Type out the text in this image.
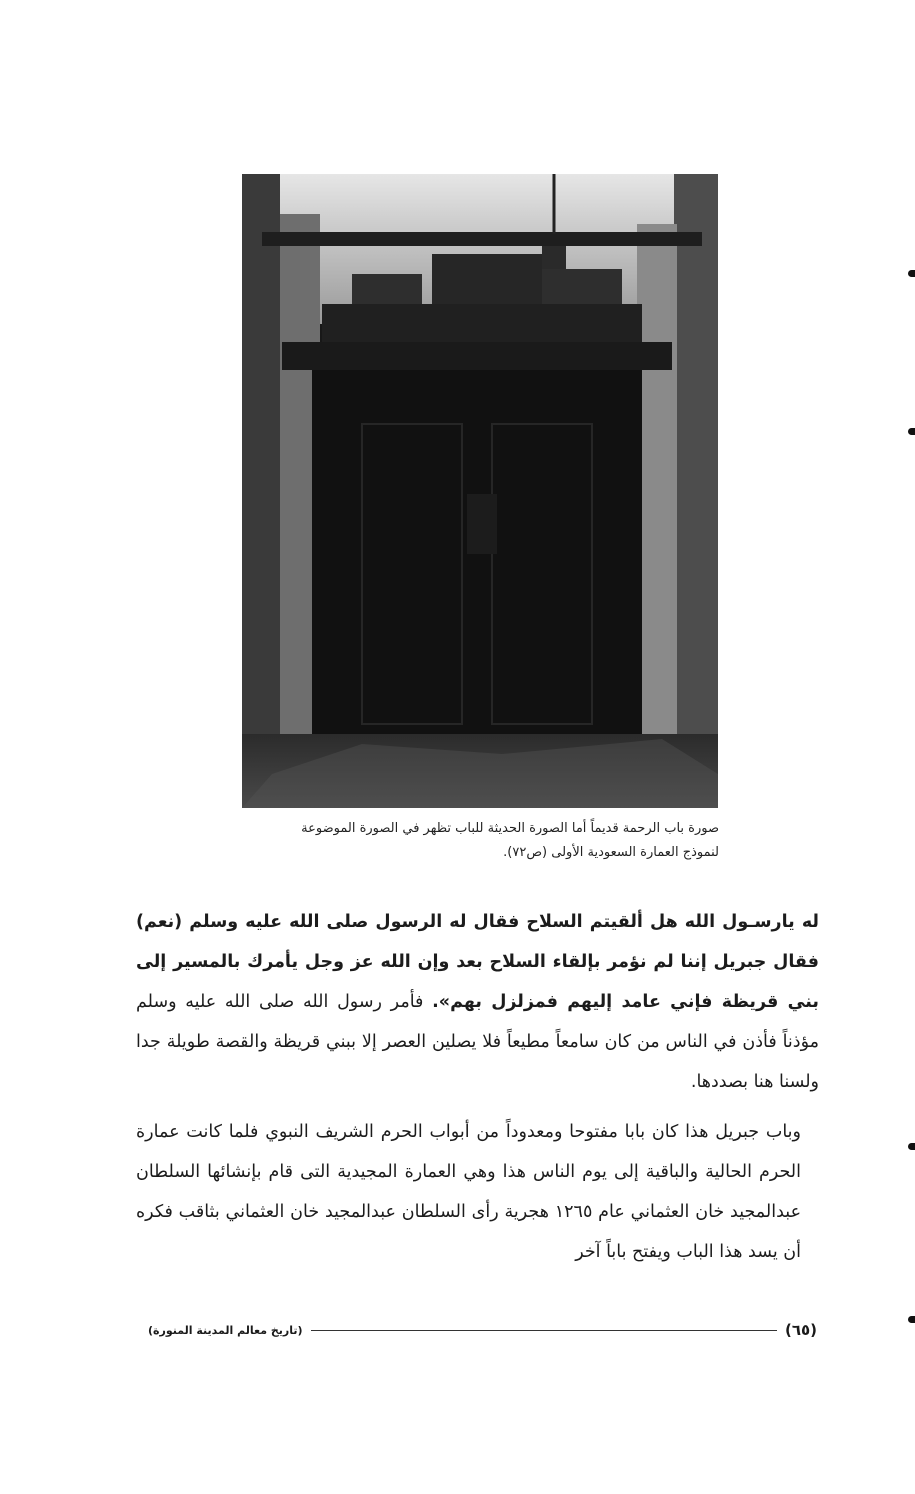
صورة باب الرحمة قديماً أما الصورة الحديثة للباب تظهر في الصورة الموضوعة

لنموذج العمارة السعودية الأولى (ص٧٢).

له يارسـول الله هل ألقيتم السلاح فقال له الرسول صلى الله عليه وسلم (نعم) فقال جبريل إننا لم نؤمر بإلقاء السلاح بعد وإن الله عز وجل يأمرك بالمسير إلى بني قريظة فإني عامد إليهم فمزلزل بهم». فأمر رسول الله صلى الله عليه وسلم مؤذناً فأذن في الناس من كان سامعاً مطيعاً فلا يصلين العصر إلا ببني قريظة والقصة طويلة جدا ولسنا هنا بصددها.

وباب جبريل هذا كان بابا مفتوحا ومعدوداً من أبواب الحرم الشريف النبوي فلما كانت عمارة الحرم الحالية والباقية إلى يوم الناس هذا وهي العمارة المجيدية التى قام بإنشائها السلطان عبدالمجيد خان العثماني عام ١٢٦٥ هجرية رأى السلطان عبدالمجيد خان العثماني بثاقب فكره أن يسد هذا الباب ويفتح باباً آخر

(تاريخ معالم المدينة المنورة)	(٦٥)
